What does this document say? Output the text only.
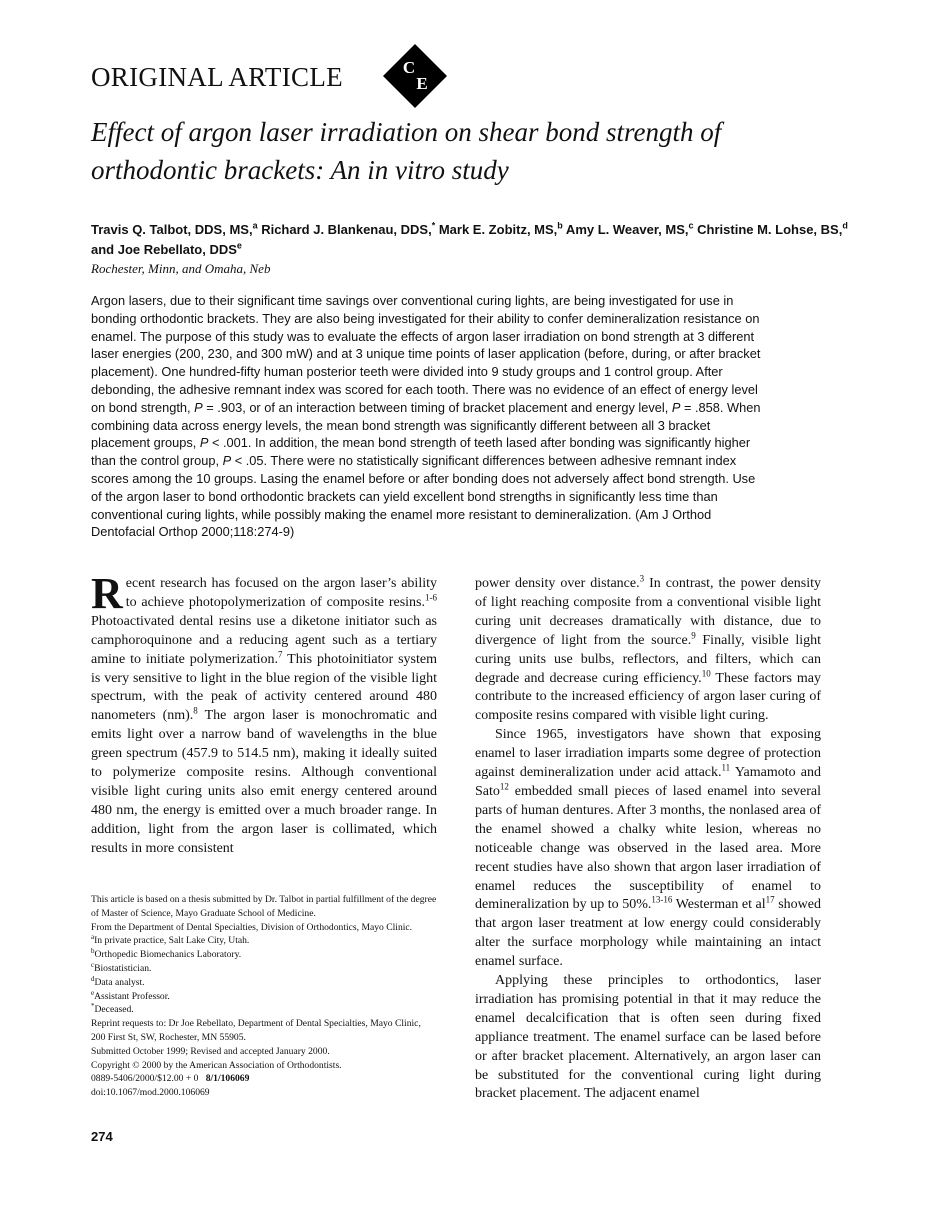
ORIGINAL ARTICLE	C
E
Effect of argon laser irradiation on shear bond strength of
orthodontic brackets: An in vitro study
Travis Q. Talbot, DDS, MS,$^a$ Richard J. Blankenau, DDS,* Mark E. Zobitz, MS,$^b$ Amy L. Weaver, MS,$^c$ Christine M. Lohse, BS,$^d$ and Joe Rebellato, DDS$^e$
Rochester, Minn, and Omaha, Neb

Argon lasers, due to their significant time savings over conventional curing lights, are being investigated for use in bonding orthodontic brackets. They are also being investigated for their ability to confer demineralization resistance on enamel. The purpose of this study was to evaluate the effects of argon laser irradiation on bond strength at 3 different laser energies (200, 230, and 300 mW) and at 3 unique time points of laser application (before, during, or after bracket placement). One hundred-fifty human posterior teeth were divided into 9 study groups and 1 control group. After debonding, the adhesive remnant index was scored for each tooth. There was no evidence of an effect of energy level on bond strength, P = .903, or of an interaction between timing of bracket placement and energy level, P = .858. When combining data across energy levels, the mean bond strength was significantly different between all 3 bracket placement groups, P < .001. In addition, the mean bond strength of teeth lased after bonding was significantly higher than the control group, P < .05. There were no statistically significant differences between adhesive remnant index scores among the 10 groups. Lasing the enamel before or after bonding does not adversely affect bond strength. Use of the argon laser to bond orthodontic brackets can yield excellent bond strengths in significantly less time than conventional curing lights, while possibly making the enamel more resistant to demineralization. (Am J Orthod Dentofacial Orthop 2000;118:274-9)

Recent research has focused on the argon laser’s ability to achieve photopolymerization of composite resins.$^{1-6}$ Photoactivated dental resins use a diketone initiator such as camphoroquinone and a reducing agent such as a tertiary amine to initiate polymerization.$^7$ This photoinitiator system is very sensitive to light in the blue region of the visible light spectrum, with the peak of activity centered around 480 nanometers (nm).$^8$ The argon laser is monochromatic and emits light over a narrow band of wavelengths in the blue green spectrum (457.9 to 514.5 nm), making it ideally suited to polymerize composite resins. Although conventional visible light curing units also emit energy centered around 480 nm, the energy is emitted over a much broader range. In addition, light from the argon laser is collimated, which results in more consistent

This article is based on a thesis submitted by Dr. Talbot in partial fulfillment of the degree of Master of Science, Mayo Graduate School of Medicine.
From the Department of Dental Specialties, Division of Orthodontics, Mayo Clinic.
$^a$In private practice, Salt Lake City, Utah.
$^b$Orthopedic Biomechanics Laboratory.
$^c$Biostatistician.
$^d$Data analyst.
$^e$Assistant Professor.
*Deceased.
Reprint requests to: Dr Joe Rebellato, Department of Dental Specialties, Mayo Clinic, 200 First St, SW, Rochester, MN 55905.
Submitted October 1999; Revised and accepted January 2000.
Copyright © 2000 by the American Association of Orthodontists.
0889-5406/2000/$12.00 + 0 8/1/106069
doi:10.1067/mod.2000.106069

power density over distance.$^3$ In contrast, the power density of light reaching composite from a conventional visible light curing unit decreases dramatically with distance, due to divergence of light from the source.$^9$ Finally, visible light curing units use bulbs, reflectors, and filters, which can degrade and decrease curing efficiency.$^{10}$ These factors may contribute to the increased efficiency of argon laser curing of composite resins compared with visible light curing.

Since 1965, investigators have shown that exposing enamel to laser irradiation imparts some degree of protection against demineralization under acid attack.$^{11}$ Yamamoto and Sato$^{12}$ embedded small pieces of lased enamel into several parts of human dentures. After 3 months, the nonlased area of the enamel showed a chalky white lesion, whereas no noticeable change was observed in the lased area. More recent studies have also shown that argon laser irradiation of enamel reduces the susceptibility of enamel to demineralization by up to 50%.$^{13-16}$ Westerman et al$^{17}$ showed that argon laser treatment at low energy could considerably alter the surface morphology while maintaining an intact enamel surface.

Applying these principles to orthodontics, laser irradiation has promising potential in that it may reduce the enamel decalcification that is often seen during fixed appliance treatment. The enamel surface can be lased before or after bracket placement. Alternatively, an argon laser can be substituted for the conventional curing light during bracket placement. The adjacent enamel

274
